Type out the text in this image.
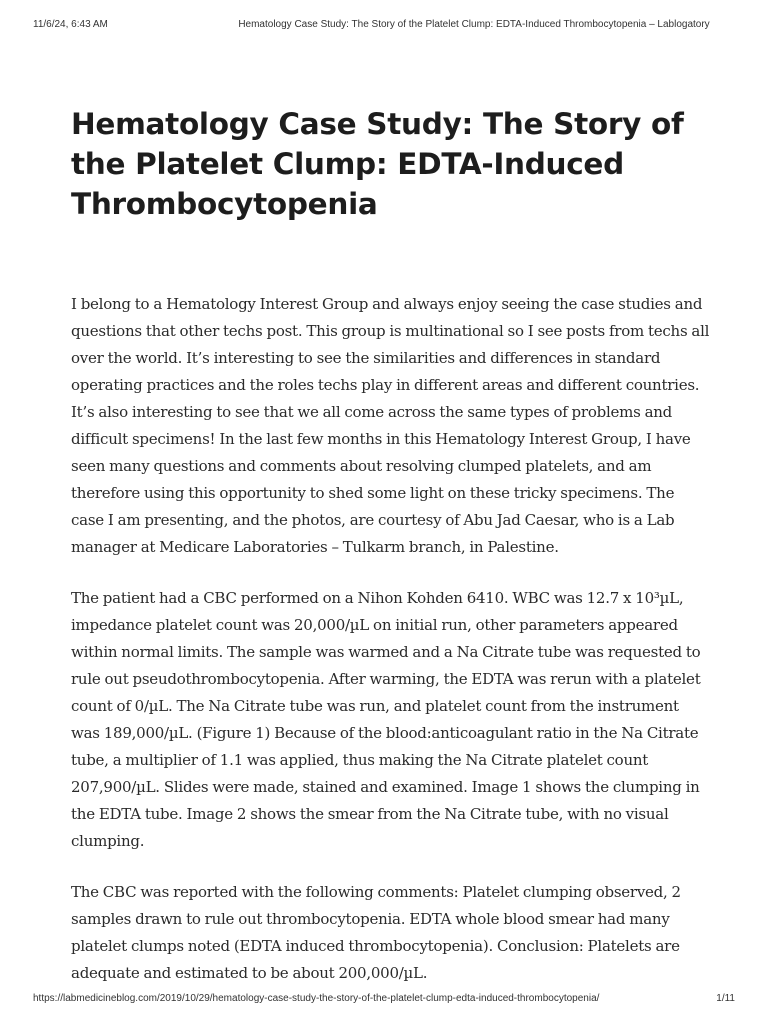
11/6/24, 6:43 AM	Hematology Case Study: The Story of the Platelet Clump: EDTA-Induced Thrombocytopenia – Lablogatory
Hematology Case Study: The Story of the Platelet Clump: EDTA-Induced Thrombocytopenia

I belong to a Hematology Interest Group and always enjoy seeing the case studies and questions that other techs post. This group is multinational so I see posts from techs all over the world. It’s interesting to see the similarities and differences in standard operating practices and the roles techs play in different areas and different countries. It’s also interesting to see that we all come across the same types of problems and difficult specimens! In the last few months in this Hematology Interest Group, I have seen many questions and comments about resolving clumped platelets, and am therefore using this opportunity to shed some light on these tricky specimens. The case I am presenting, and the photos, are courtesy of Abu Jad Caesar, who is a Lab manager at Medicare Laboratories – Tulkarm branch, in Palestine.

The patient had a CBC performed on a Nihon Kohden 6410. WBC was 12.7 x 10³µL, impedance platelet count was 20,000/µL on initial run, other parameters appeared within normal limits. The sample was warmed and a Na Citrate tube was requested to rule out pseudothrombocytopenia. After warming, the EDTA was rerun with a platelet count of 0/µL. The Na Citrate tube was run, and platelet count from the instrument was 189,000/µL. (Figure 1) Because of the blood:anticoagulant ratio in the Na Citrate tube, a multiplier of 1.1 was applied, thus making the Na Citrate platelet count 207,900/µL. Slides were made, stained and examined. Image 1 shows the clumping in the EDTA tube. Image 2 shows the smear from the Na Citrate tube, with no visual clumping.

The CBC was reported with the following comments: Platelet clumping observed, 2 samples drawn to rule out thrombocytopenia. EDTA whole blood smear had many platelet clumps noted (EDTA induced thrombocytopenia). Conclusion: Platelets are adequate and estimated to be about 200,000/µL.

https://labmedicineblog.com/2019/10/29/hematology-case-study-the-story-of-the-platelet-clump-edta-induced-thrombocytopenia/	1/11
